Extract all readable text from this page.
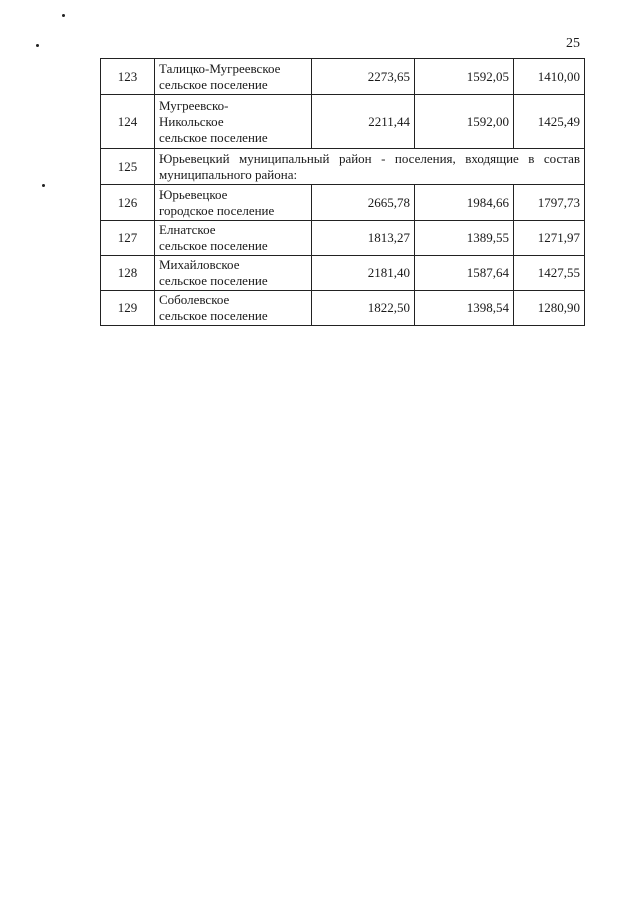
25
123	Талицко-Мугреевское
сельское поселение	2273,65	1592,05	1410,00
124	Мугреевско-
Никольское
сельское поселение	2211,44	1592,00	1425,49
125	Юрьевецкий муниципальный район - поселения, входящие в состав муниципального района:			
126	Юрьевецкое
городское поселение	2665,78	1984,66	1797,73
127	Елнатское
сельское поселение	1813,27	1389,55	1271,97
128	Михайловское
сельское поселение	2181,40	1587,64	1427,55
129	Соболевское
сельское поселение	1822,50	1398,54	1280,90
